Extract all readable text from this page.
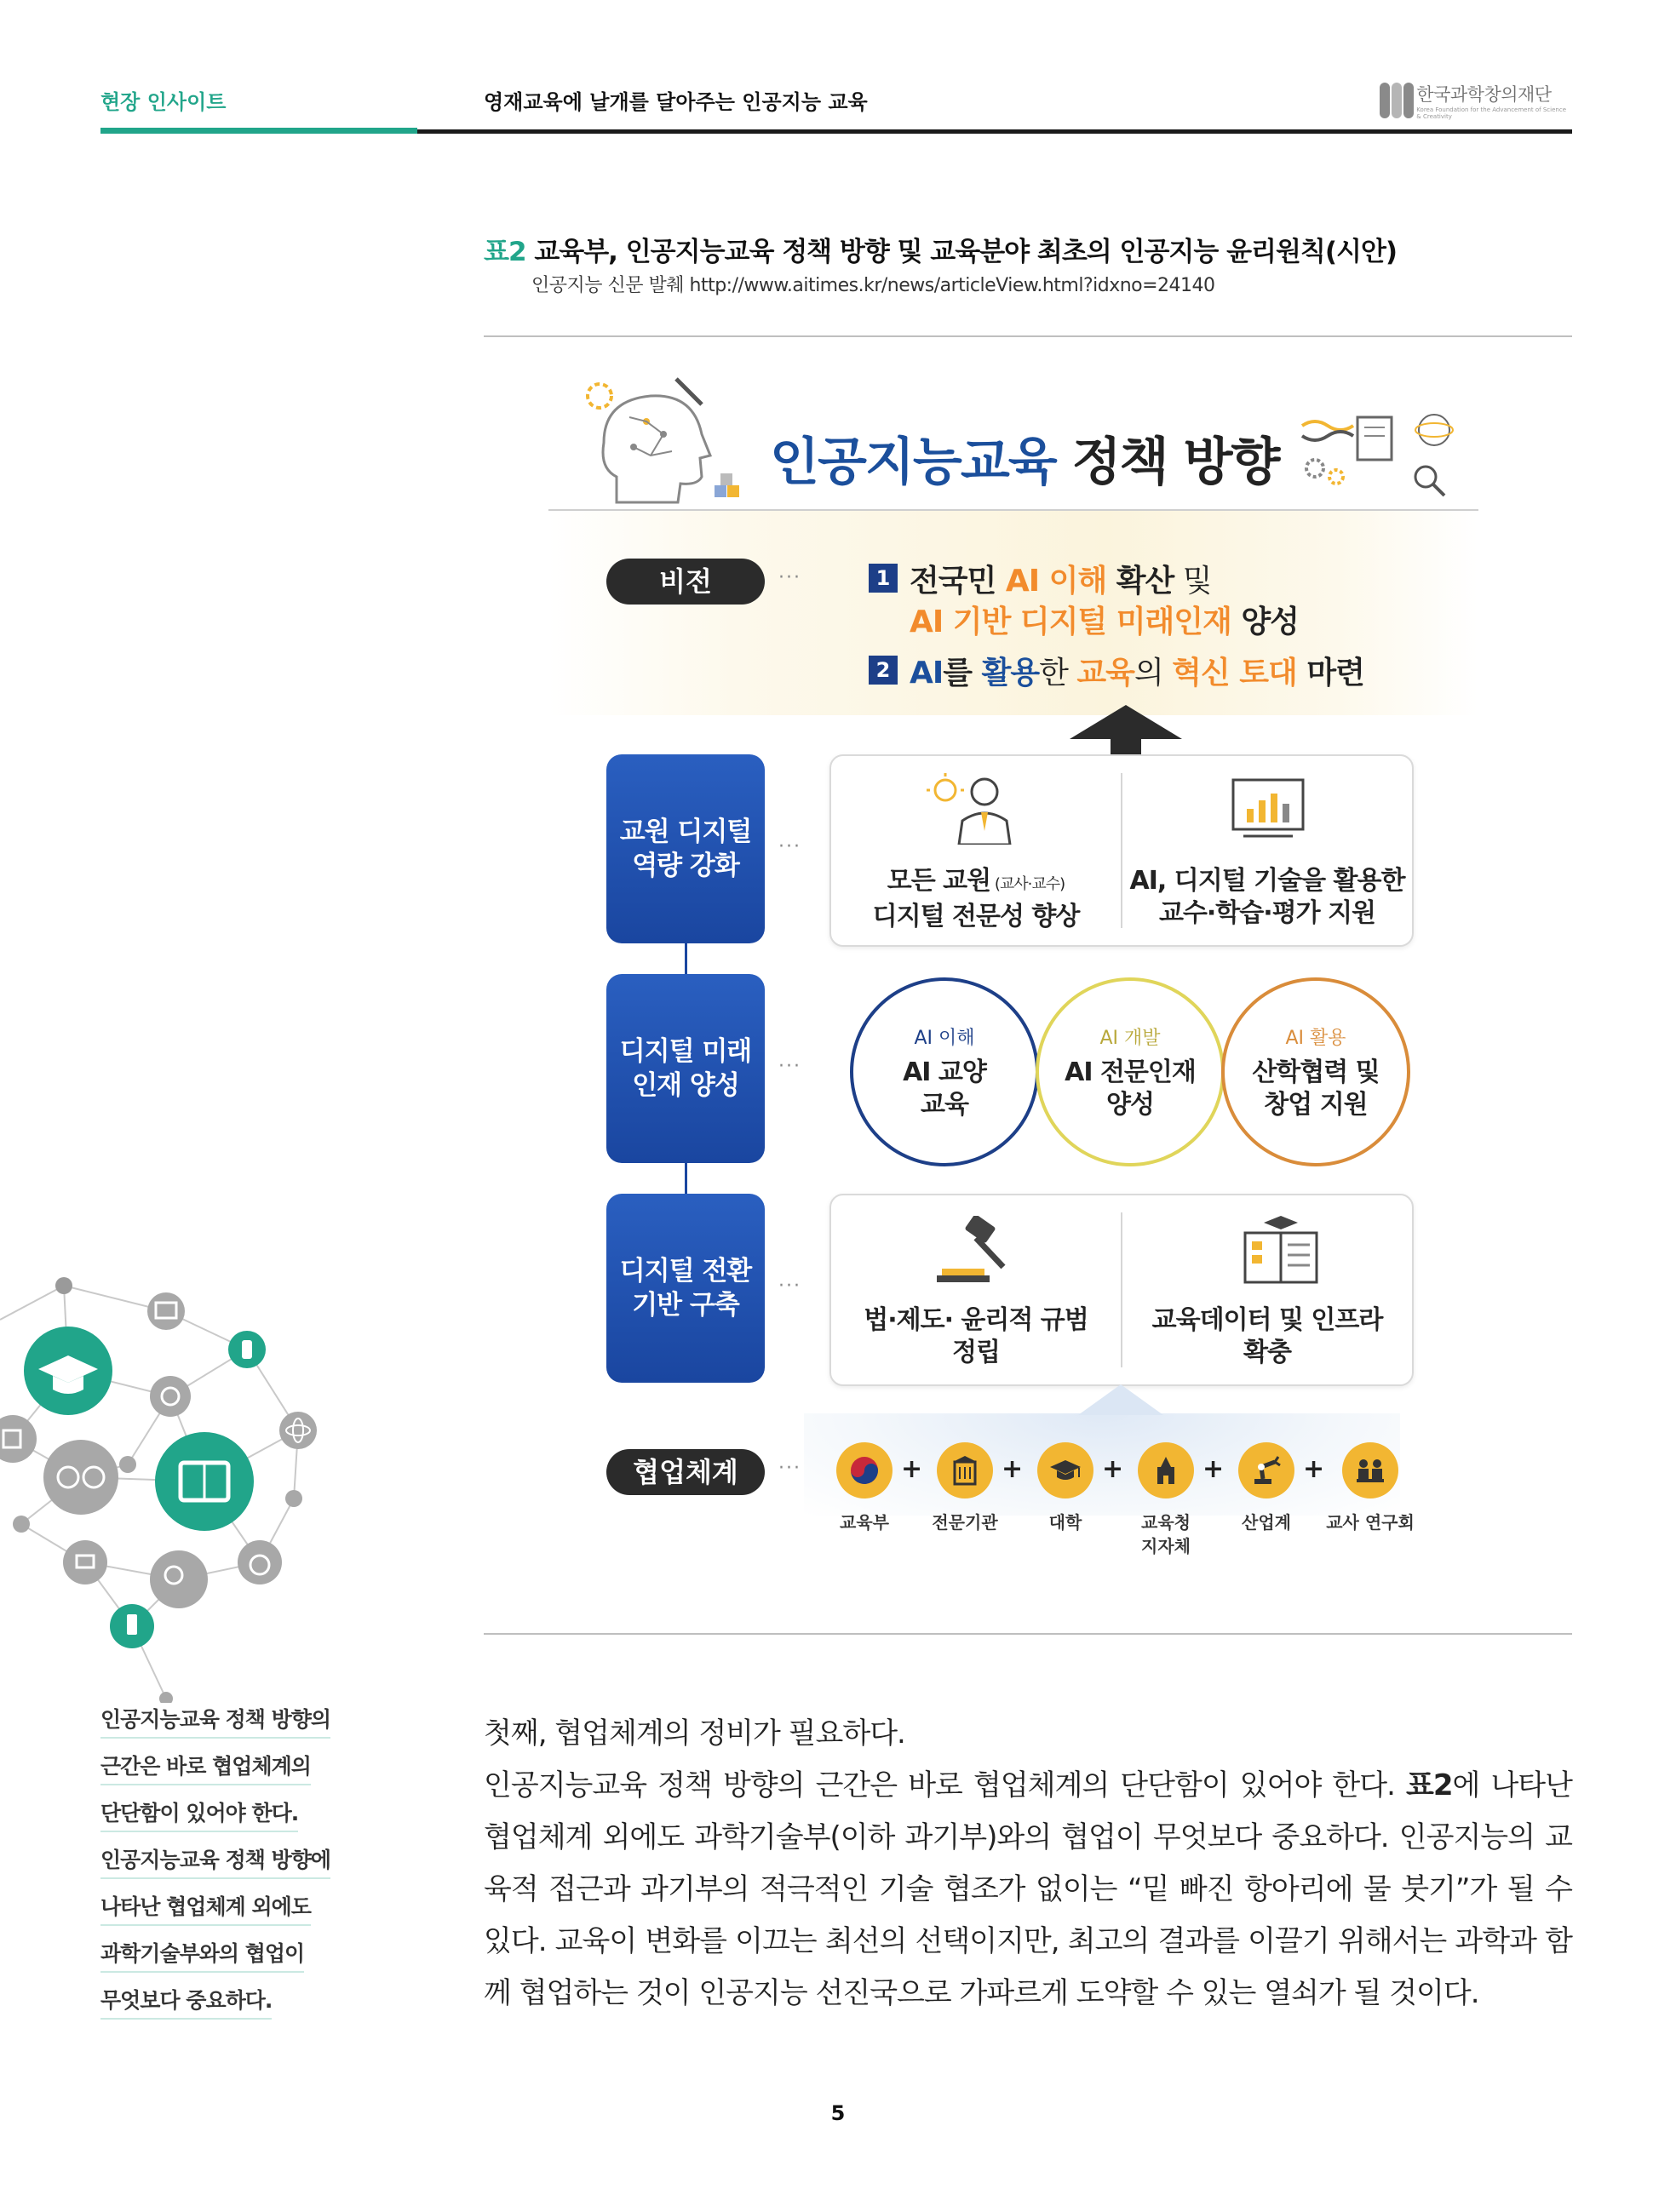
현장 인사이트	영재교육에 날개를 달아주는 인공지능 교육	한국과학창의재단
Korea Foundation for the Advancement of Science & Creativity
표2 교육부, 인공지능교육 정책 방향 및 교육분야 최초의 인공지능 윤리원칙(시안)
인공지능 신문 발췌 http://www.aitimes.kr/news/articleView.html?idxno=24140
인공지능교육 정책 방향
비전	···	1 전국민 AI 이해 확산 및
AI 기반 디지털 미래인재 양성
2 AI를 활용한 교육의 혁신 토대 마련
교원 디지털
역량 강화
···
모든 교원 (교사·교수)
디지털 전문성 향상
AI, 디지털 기술을 활용한
교수·학습·평가 지원
디지털 미래
인재 양성
···
AI 이해
AI 교양
교육
AI 개발
AI 전문인재
양성
AI 활용
산학협력 및
창업 지원
디지털 전환
기반 구축
···
법·제도· 윤리적 규범
정립
교육데이터 및 인프라
확충
협업체계	···
교육부
+
전문기관
+
대학
+
교육청
지자체
+
산업계
+
교사 연구회
인공지능교육 정책 방향의
근간은 바로 협업체계의
단단함이 있어야 한다.
인공지능교육 정책 방향에
나타난 협업체계 외에도
과학기술부와의 협업이
무엇보다 중요하다.

첫째, 협업체계의 정비가 필요하다.

인공지능교육 정책 방향의 근간은 바로 협업체계의 단단함이 있어야 한다. 표2에 나타난 협업체계 외에도 과학기술부(이하 과기부)와의 협업이 무엇보다 중요하다. 인공지능의 교육적 접근과 과기부의 적극적인 기술 협조가 없이는 “밑 빠진 항아리에 물 붓기”가 될 수 있다. 교육이 변화를 이끄는 최선의 선택이지만, 최고의 결과를 이끌기 위해서는 과학과 함께 협업하는 것이 인공지능 선진국으로 가파르게 도약할 수 있는 열쇠가 될 것이다.

5
